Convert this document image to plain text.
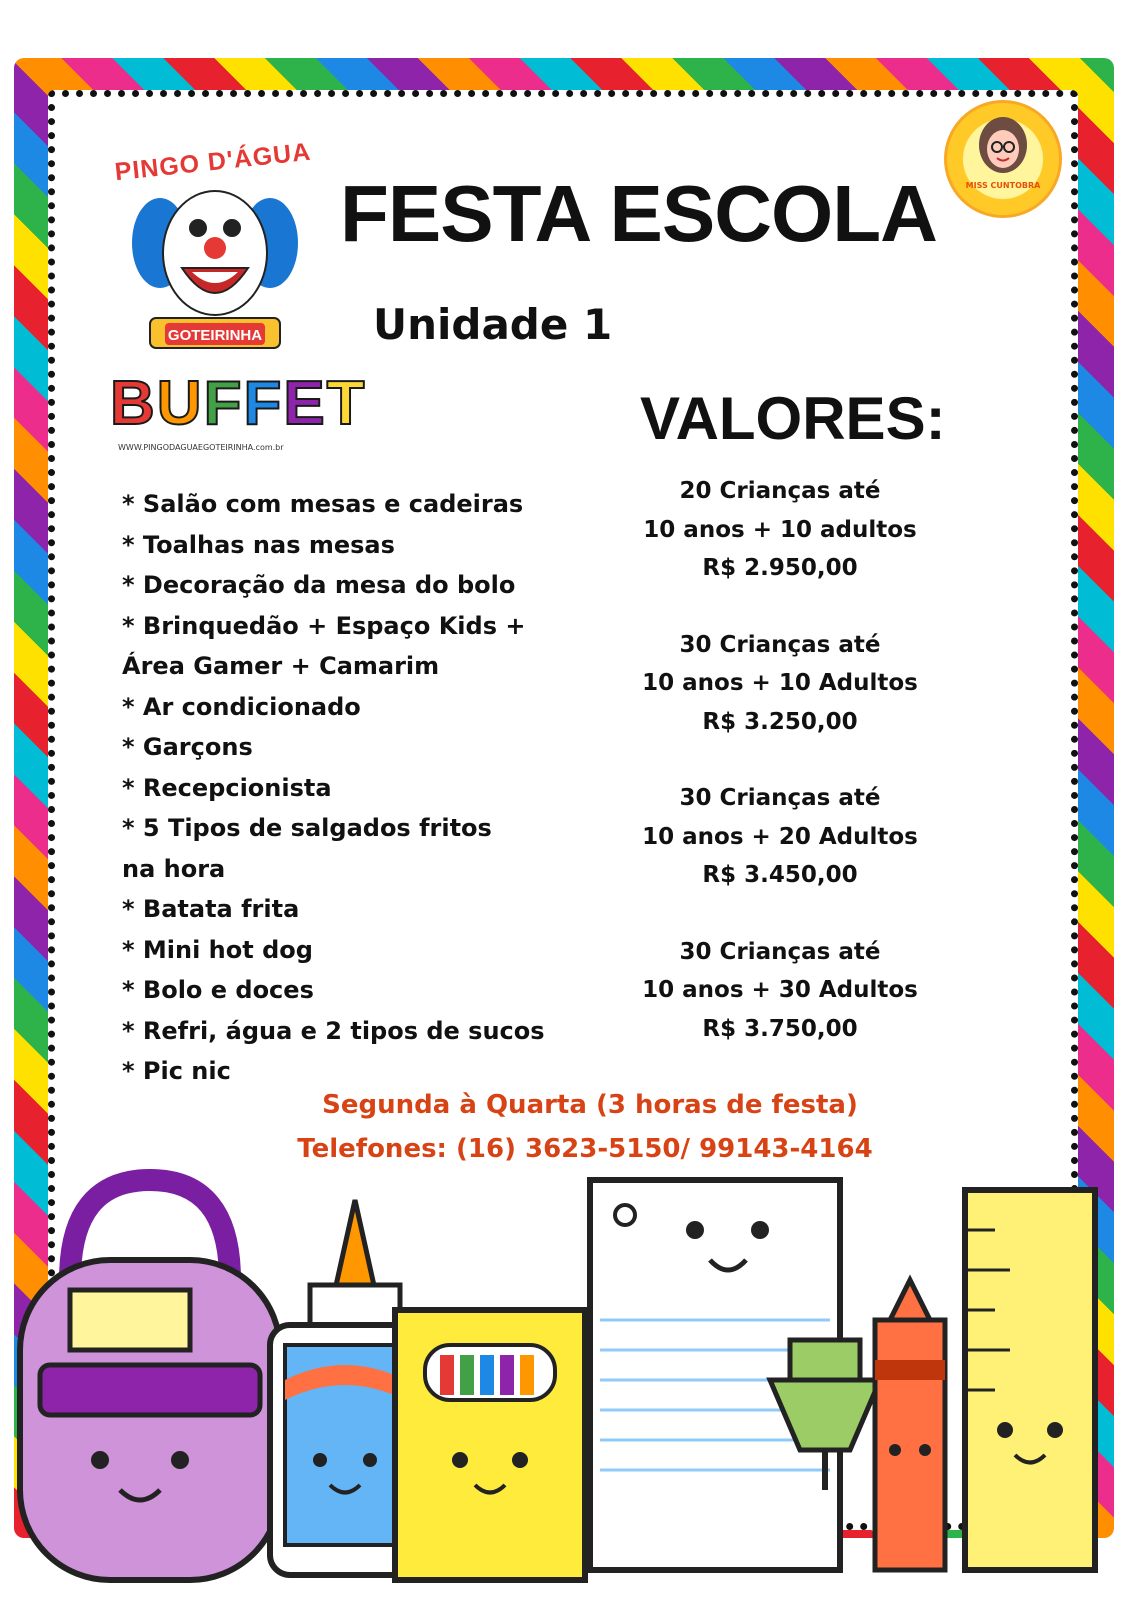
PINGO D'ÁGUA
GOTEIRINHA
BUFFET
WWW.PINGODAGUAEGOTEIRINHA.com.br
MISS CUNTOBRA
FESTA ESCOLA
Unidade 1
VALORES:
* Salão com mesas e cadeiras
* Toalhas nas mesas
* Decoração da mesa do bolo
* Brinquedão + Espaço Kids +
Área Gamer + Camarim
* Ar condicionado
* Garçons
* Recepcionista
* 5 Tipos de salgados fritos
na hora
* Batata frita
* Mini hot dog
* Bolo e doces
* Refri, água e 2 tipos de sucos
* Pic nic
20 Crianças até
10 anos + 10 adultos
R$ 2.950,00
30 Crianças até
10 anos + 10 Adultos
R$ 3.250,00
30 Crianças até
10 anos + 20 Adultos
R$ 3.450,00
30 Crianças até
10 anos + 30 Adultos
R$ 3.750,00
Segunda à Quarta (3 horas de festa)
Telefones: (16) 3623-5150/ 99143-4164
